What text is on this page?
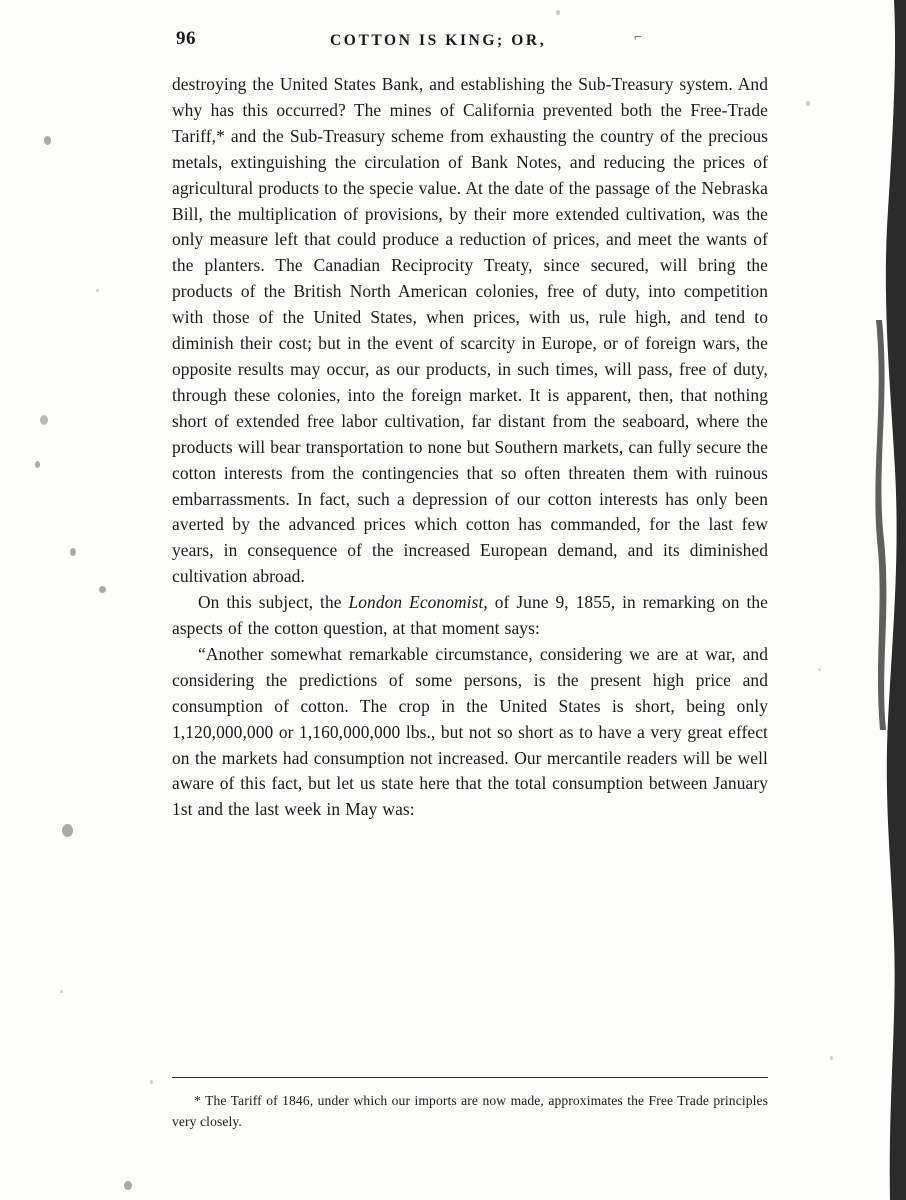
96	COTTON IS KING; OR,	⌐

destroying the United States Bank, and establishing the Sub-Treasury system. And why has this occurred? The mines of California prevented both the Free-Trade Tariff,* and the Sub-Treasury scheme from exhausting the country of the precious metals, extinguishing the circulation of Bank Notes, and reducing the prices of agricultural products to the specie value. At the date of the passage of the Nebraska Bill, the multiplication of provisions, by their more extended cultivation, was the only measure left that could produce a reduction of prices, and meet the wants of the planters. The Canadian Reciprocity Treaty, since secured, will bring the products of the British North American colonies, free of duty, into competition with those of the United States, when prices, with us, rule high, and tend to diminish their cost; but in the event of scarcity in Europe, or of foreign wars, the opposite results may occur, as our products, in such times, will pass, free of duty, through these colonies, into the foreign market. It is apparent, then, that nothing short of extended free labor cultivation, far distant from the seaboard, where the products will bear transportation to none but Southern markets, can fully secure the cotton interests from the contingencies that so often threaten them with ruinous embarrassments. In fact, such a depression of our cotton interests has only been averted by the advanced prices which cotton has commanded, for the last few years, in consequence of the increased European demand, and its diminished cultivation abroad.

On this subject, the London Economist, of June 9, 1855, in remarking on the aspects of the cotton question, at that moment says:

“Another somewhat remarkable circumstance, considering we are at war, and considering the predictions of some persons, is the present high price and consumption of cotton. The crop in the United States is short, being only 1,120,000,000 or 1,160,000,000 lbs., but not so short as to have a very great effect on the markets had consumption not increased. Our mercantile readers will be well aware of this fact, but let us state here that the total consumption between January 1st and the last week in May was:

* The Tariff of 1846, under which our imports are now made, approximates the Free Trade principles very closely.
